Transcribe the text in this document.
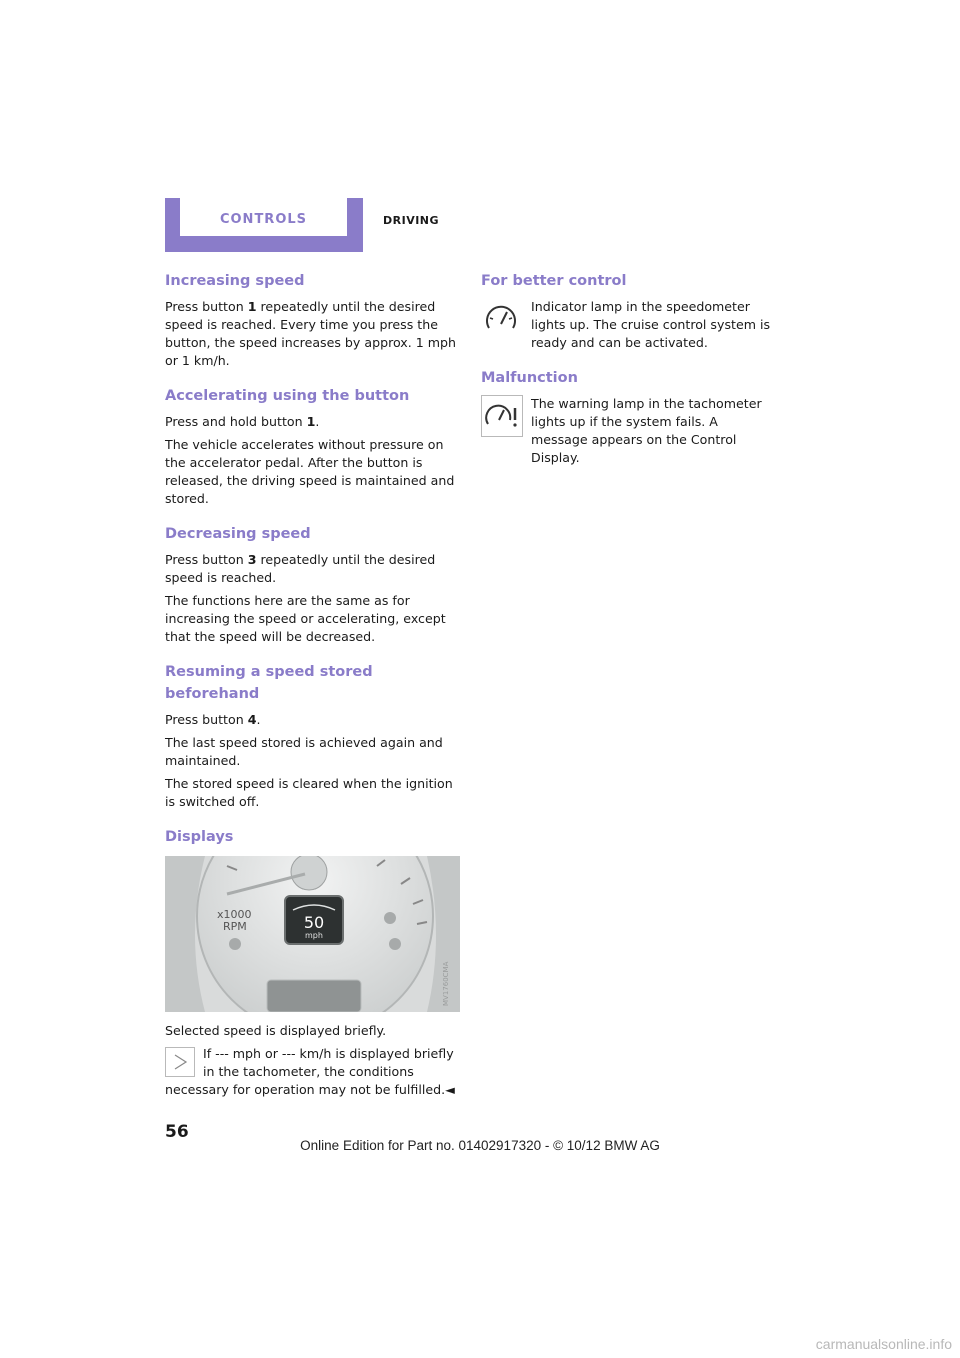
CONTROLS	DRIVING
Increasing speed

Press button 1 repeatedly until the desired speed is reached. Every time you press the button, the speed increases by approx. 1 mph or 1 km/h.

Accelerating using the button

Press and hold button 1.

The vehicle accelerates without pressure on the accelerator pedal. After the button is released, the driving speed is maintained and stored.

Decreasing speed

Press button 3 repeatedly until the desired speed is reached.

The functions here are the same as for increasing the speed or accelerating, except that the speed will be decreased.

Resuming a speed stored beforehand

Press button 4.

The last speed stored is achieved again and maintained.

The stored speed is cleared when the ignition is switched off.

Displays
x1000
RPM	50
mph
MV1760CMA

Selected speed is displayed briefly.

If --- mph or --- km/h is displayed briefly in the tachometer, the conditions necessary for operation may not be fulfilled.◄

For better control

Indicator lamp in the speedometer lights up. The cruise control system is ready and can be activated.

Malfunction

The warning lamp in the tachometer lights up if the system fails. A message appears on the Control Display.

56
Online Edition for Part no. 01402917320 - © 10/12 BMW AG
carmanualsonline.info
